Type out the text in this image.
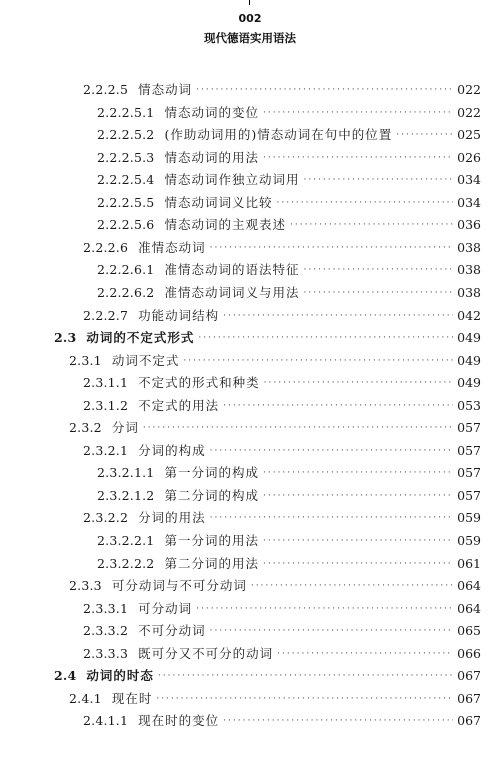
002
现代德语实用语法
2.2.2.5 情态动词 ·····	022
2.2.2.5.1 情态动词的变位 ·····	022
2.2.2.5.2 (作助动词用的)情态动词在句中的位置 ·····	025
2.2.2.5.3 情态动词的用法 ·····	026
2.2.2.5.4 情态动词作独立动词用 ·····	034
2.2.2.5.5 情态动词词义比较 ·····	034
2.2.2.5.6 情态动词的主观表述 ·····	036
2.2.2.6 准情态动词 ·····	038
2.2.2.6.1 准情态动词的语法特征 ·····	038
2.2.2.6.2 准情态动词词义与用法 ·····	038
2.2.2.7 功能动词结构 ·····	042
2.3 动词的不定式形式 ·····	049
2.3.1 动词不定式 ·····	049
2.3.1.1 不定式的形式和种类 ·····	049
2.3.1.2 不定式的用法 ·····	053
2.3.2 分词 ·····	057
2.3.2.1 分词的构成 ·····	057
2.3.2.1.1 第一分词的构成 ·····	057
2.3.2.1.2 第二分词的构成 ·····	057
2.3.2.2 分词的用法 ·····	059
2.3.2.2.1 第一分词的用法 ·····	059
2.3.2.2.2 第二分词的用法 ·····	061
2.3.3 可分动词与不可分动词 ·····	064
2.3.3.1 可分动词 ·····	064
2.3.3.2 不可分动词 ·····	065
2.3.3.3 既可分又不可分的动词 ·····	066
2.4 动词的时态 ·····	067
2.4.1 现在时 ·····	067
2.4.1.1 现在时的变位 ·····	067
